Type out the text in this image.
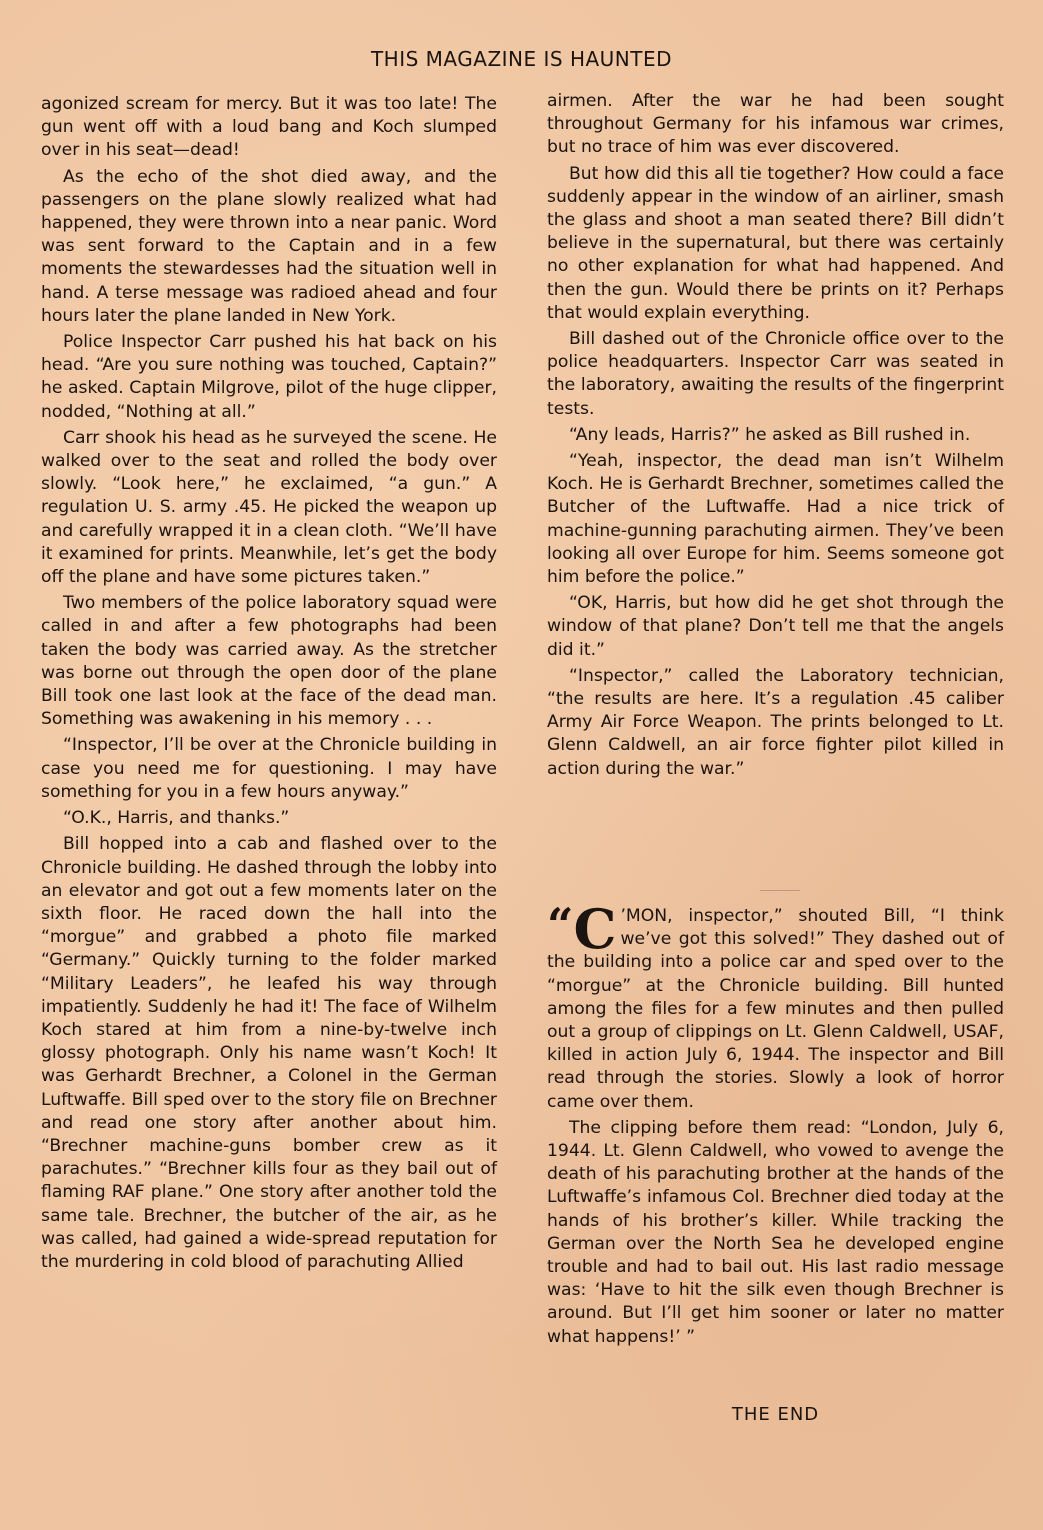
THIS MAGAZINE IS HAUNTED

agonized scream for mercy. But it was too late! The gun went off with a loud bang and Koch slumped over in his seat—dead!

As the echo of the shot died away, and the passengers on the plane slowly realized what had happened, they were thrown into a near panic. Word was sent forward to the Captain and in a few moments the stewardesses had the situation well in hand. A terse message was radioed ahead and four hours later the plane landed in New York.

Police Inspector Carr pushed his hat back on his head. “Are you sure nothing was touched, Captain?” he asked. Captain Milgrove, pilot of the huge clipper, nodded, “Nothing at all.”

Carr shook his head as he surveyed the scene. He walked over to the seat and rolled the body over slowly. “Look here,” he exclaimed, “a gun.” A regulation U. S. army .45. He picked the weapon up and carefully wrapped it in a clean cloth. “We’ll have it examined for prints. Meanwhile, let’s get the body off the plane and have some pictures taken.”

Two members of the police laboratory squad were called in and after a few photographs had been taken the body was carried away. As the stretcher was borne out through the open door of the plane Bill took one last look at the face of the dead man. Something was awakening in his memory . . .

“Inspector, I’ll be over at the Chronicle building in case you need me for questioning. I may have something for you in a few hours anyway.”

“O.K., Harris, and thanks.”

Bill hopped into a cab and flashed over to the Chronicle building. He dashed through the lobby into an elevator and got out a few moments later on the sixth floor. He raced down the hall into the “morgue” and grabbed a photo file marked “Germany.” Quickly turning to the folder marked “Military Leaders”, he leafed his way through impatiently. Suddenly he had it! The face of Wilhelm Koch stared at him from a nine-by-twelve inch glossy photograph. Only his name wasn’t Koch! It was Gerhardt Brechner, a Colonel in the German Luftwaffe. Bill sped over to the story file on Brechner and read one story after another about him. “Brechner machine-guns bomber crew as it parachutes.” “Brechner kills four as they bail out of flaming RAF plane.” One story after another told the same tale. Brechner, the butcher of the air, as he was called, had gained a wide-spread reputation for the murdering in cold blood of parachuting Allied

airmen. After the war he had been sought throughout Germany for his infamous war crimes, but no trace of him was ever discovered.

But how did this all tie together? How could a face suddenly appear in the window of an airliner, smash the glass and shoot a man seated there? Bill didn’t believe in the supernatural, but there was certainly no other explanation for what had happened. And then the gun. Would there be prints on it? Perhaps that would explain everything.

Bill dashed out of the Chronicle office over to the police headquarters. Inspector Carr was seated in the laboratory, awaiting the results of the fingerprint tests.

“Any leads, Harris?” he asked as Bill rushed in.

“Yeah, inspector, the dead man isn’t Wilhelm Koch. He is Gerhardt Brechner, sometimes called the Butcher of the Luftwaffe. Had a nice trick of machine-gunning parachuting airmen. They’ve been looking all over Europe for him. Seems someone got him before the police.”

“OK, Harris, but how did he get shot through the window of that plane? Don’t tell me that the angels did it.”

“Inspector,” called the Laboratory technician, “the results are here. It’s a regulation .45 caliber Army Air Force Weapon. The prints belonged to Lt. Glenn Caldwell, an air force fighter pilot killed in action during the war.”

“ C ’MON, inspector,” shouted Bill, “I think we’ve got this solved!” They dashed out of the building into a police car and sped over to the “morgue” at the Chronicle building. Bill hunted among the files for a few minutes and then pulled out a group of clippings on Lt. Glenn Caldwell, USAF, killed in action July 6, 1944. The inspector and Bill read through the stories. Slowly a look of horror came over them.

The clipping before them read: “London, July 6, 1944. Lt. Glenn Caldwell, who vowed to avenge the death of his parachuting brother at the hands of the Luftwaffe’s infamous Col. Brechner died today at the hands of his brother’s killer. While tracking the German over the North Sea he developed engine trouble and had to bail out. His last radio message was: ‘Have to hit the silk even though Brechner is around. But I’ll get him sooner or later no matter what happens!’ ”

THE END
